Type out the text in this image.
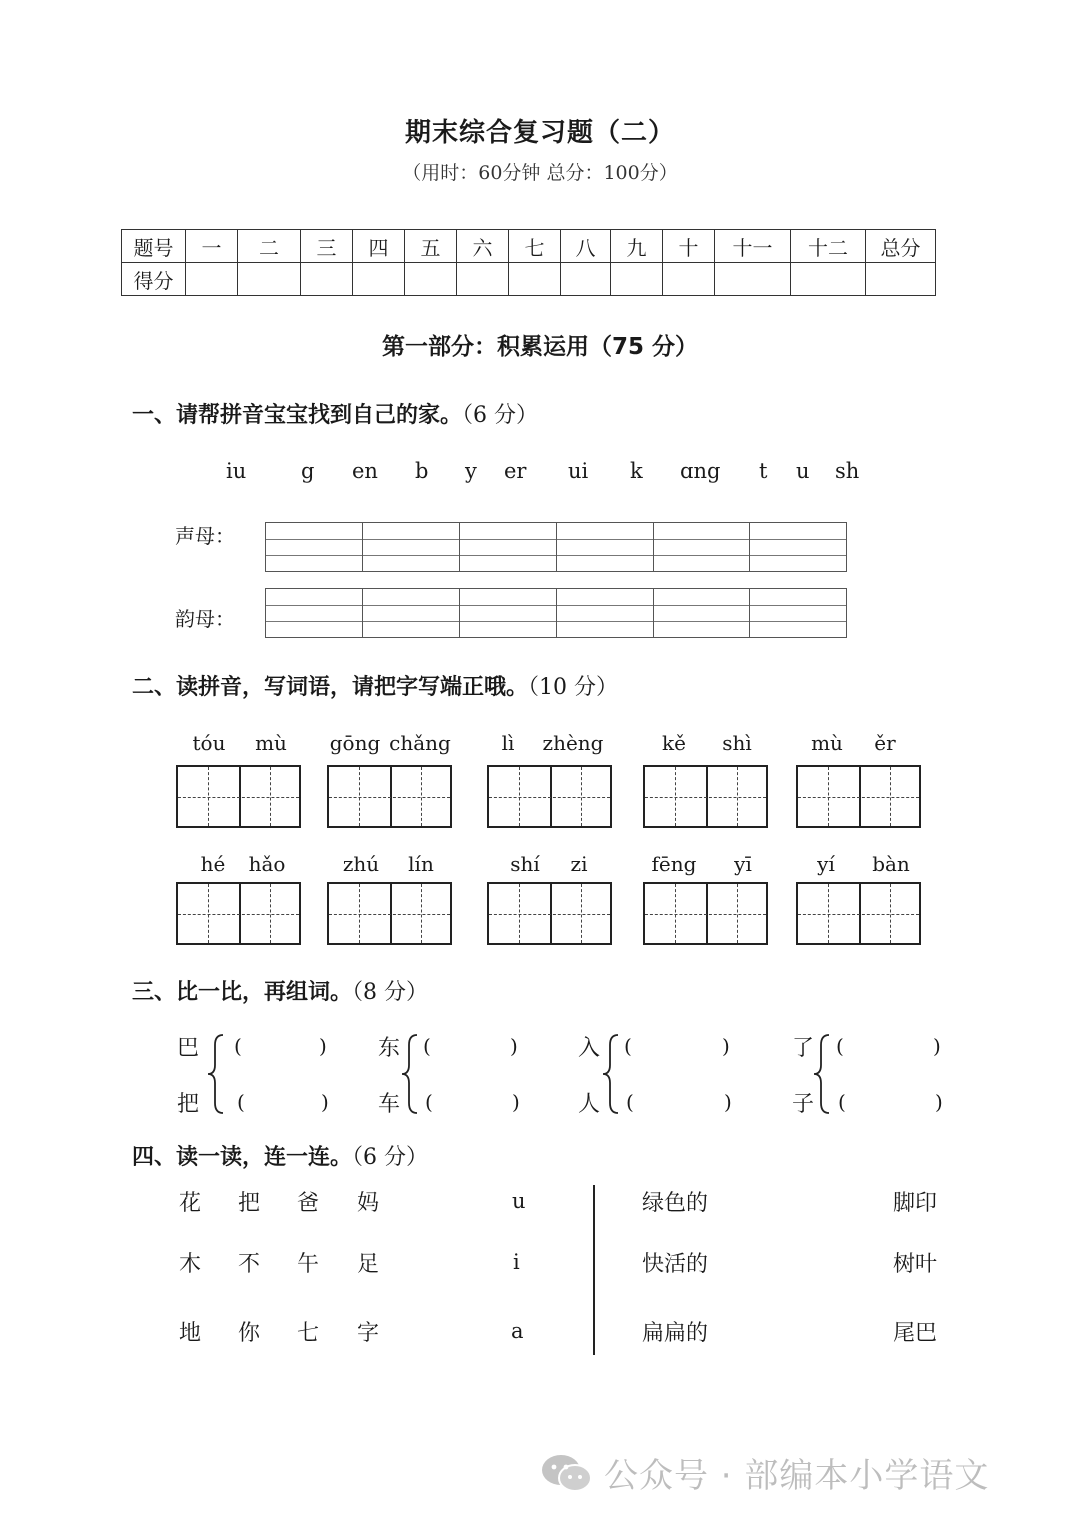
期末综合复习题（二）
（用时：60分钟 总分：100分）
题号	一	二	三	四	五	六	七	八	九	十	十一	十二	总分
得分													
第一部分：积累运用（75 分）
一、请帮拼音宝宝找到自己的家。（6 分）
iu	g en b y er ui k ɑng t u sh
声母：
韵母：
二、读拼音，写词语，请把字写端正哦。（10 分）
tóu	mù	gōng chǎng	lì	zhèng	kě	shì	mù	ěr
hé	hǎo	zhú	lín	shí	zi	fēng	yī	yí	bàn
三、比一比，再组词。（8 分）
巴
把
(	)
(	)
东
车
(	)
(	)
入
人
(	)
(	)
了
子
(	)
(	)
四、读一读，连一连。（6 分）
花 把 爸 妈	u	绿色的	脚印
木 不 午 足	i	快活的	树叶
地 你 七 字	a	扁扁的	尾巴
公众号 · 部编本小学语文
